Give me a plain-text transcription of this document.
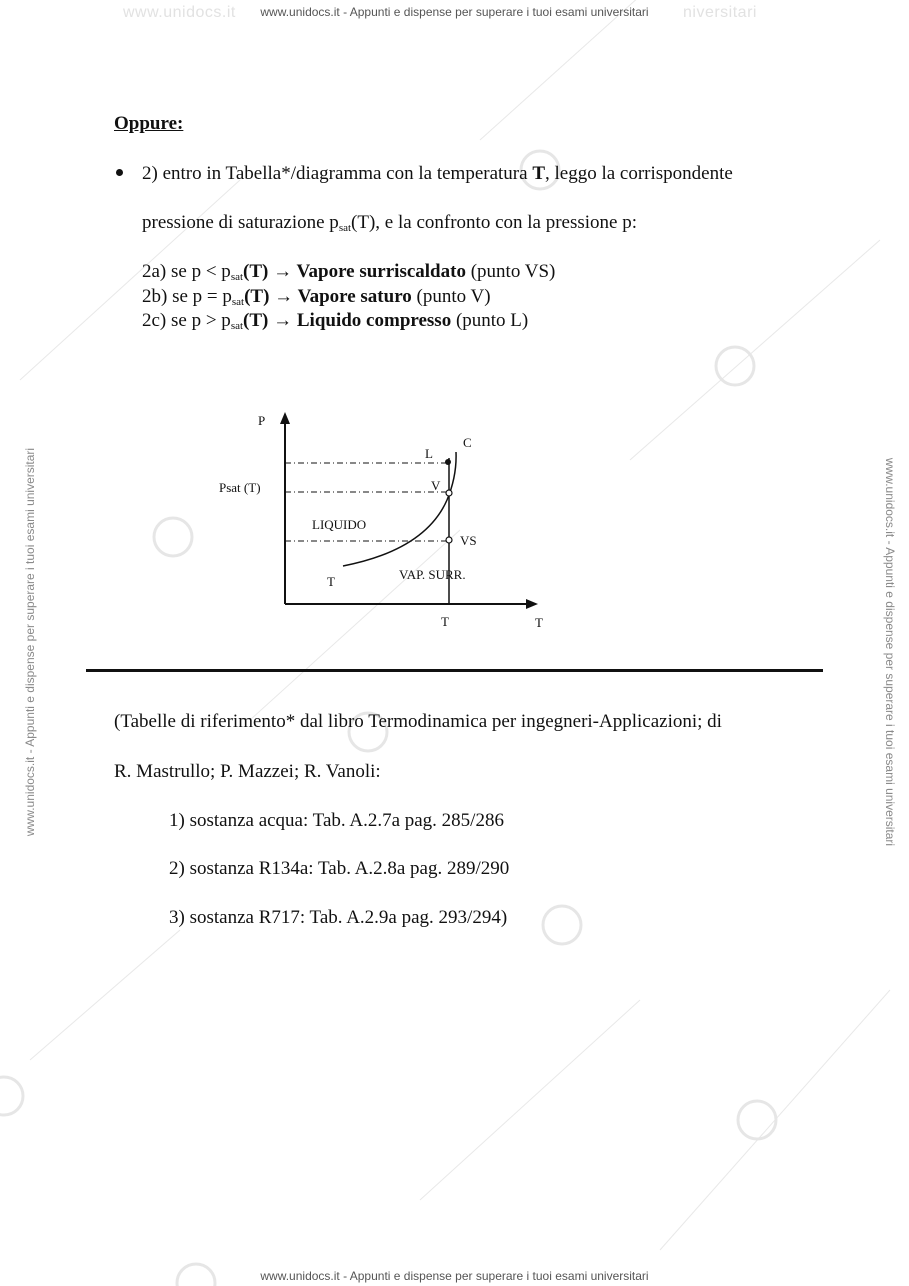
www.unidocs.it	niversitari
www.unidocs.it - Appunti e dispense per superare i tuoi esami universitari
www.unidocs.it - Appunti e dispense per superare i tuoi esami universitari	www.unidocs.it - Appunti e dispense per superare i tuoi esami universitari
Oppure:
2) entro in Tabella*/diagramma con la temperatura T, leggo la corrispondente
pressione di saturazione $p_{sat}(T)$, e la confronto con la pressione p:
2a) se $p < p_{sat}(T)$ → Vapore surriscaldato (punto VS)
2b) se $p = p_{sat}(T)$ → Vapore saturo (punto V)
2c) se $p > p_{sat}(T)$ → Liquido compresso (punto L)
P
Psat (T)
C
L
V
VS
LIQUIDO
VAP. SURR.
T
T	T
(Tabelle di riferimento* dal libro Termodinamica per ingegneri-Applicazioni; di
R. Mastrullo; P. Mazzei; R. Vanoli:
1) sostanza acqua: Tab. A.2.7a pag. 285/286
2) sostanza R134a: Tab. A.2.8a pag. 289/290
3) sostanza R717: Tab. A.2.9a pag. 293/294)
www.unidocs.it - Appunti e dispense per superare i tuoi esami universitari
